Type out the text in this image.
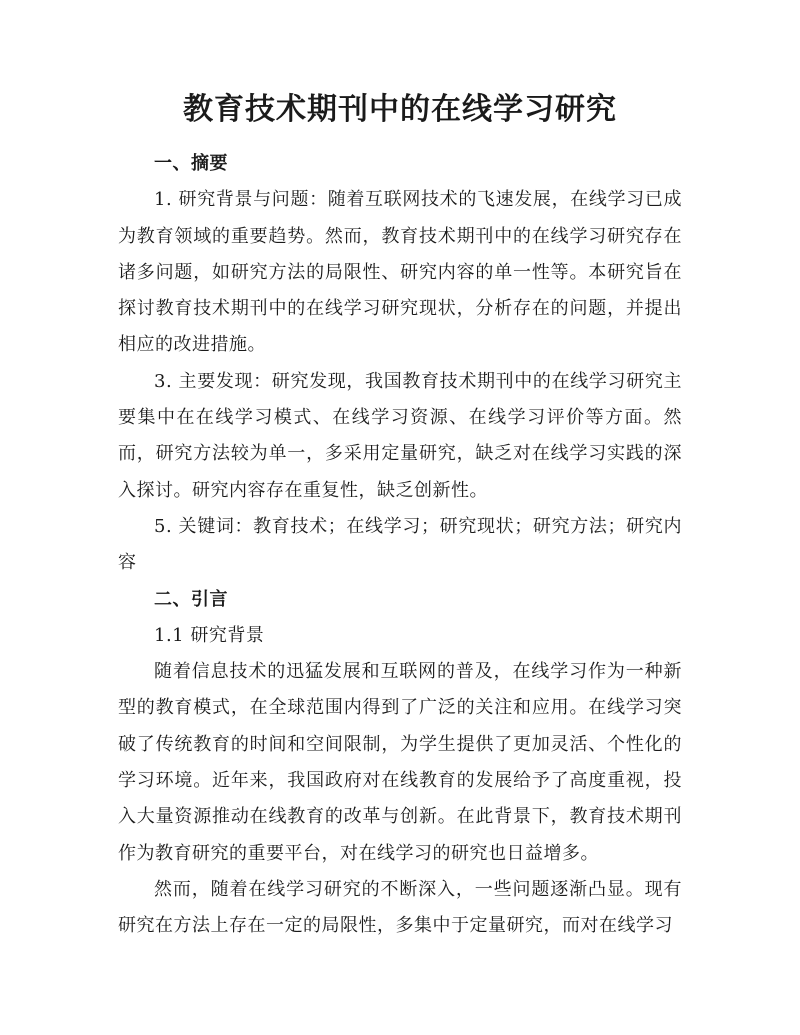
教育技术期刊中的在线学习研究
一、摘要

1. 研究背景与问题：随着互联网技术的飞速发展，在线学习已成为教育领域的重要趋势。然而，教育技术期刊中的在线学习研究存在诸多问题，如研究方法的局限性、研究内容的单一性等。本研究旨在探讨教育技术期刊中的在线学习研究现状，分析存在的问题，并提出相应的改进措施。

3. 主要发现：研究发现，我国教育技术期刊中的在线学习研究主要集中在在线学习模式、在线学习资源、在线学习评价等方面。然而，研究方法较为单一，多采用定量研究，缺乏对在线学习实践的深入探讨。研究内容存在重复性，缺乏创新性。

5. 关键词：教育技术；在线学习；研究现状；研究方法；研究内容

二、引言

1.1 研究背景

随着信息技术的迅猛发展和互联网的普及，在线学习作为一种新型的教育模式，在全球范围内得到了广泛的关注和应用。在线学习突破了传统教育的时间和空间限制，为学生提供了更加灵活、个性化的学习环境。近年来，我国政府对在线教育的发展给予了高度重视，投入大量资源推动在线教育的改革与创新。在此背景下，教育技术期刊作为教育研究的重要平台，对在线学习的研究也日益增多。

然而，随着在线学习研究的不断深入，一些问题逐渐凸显。现有研究在方法上存在一定的局限性，多集中于定量研究，而对在线学习
